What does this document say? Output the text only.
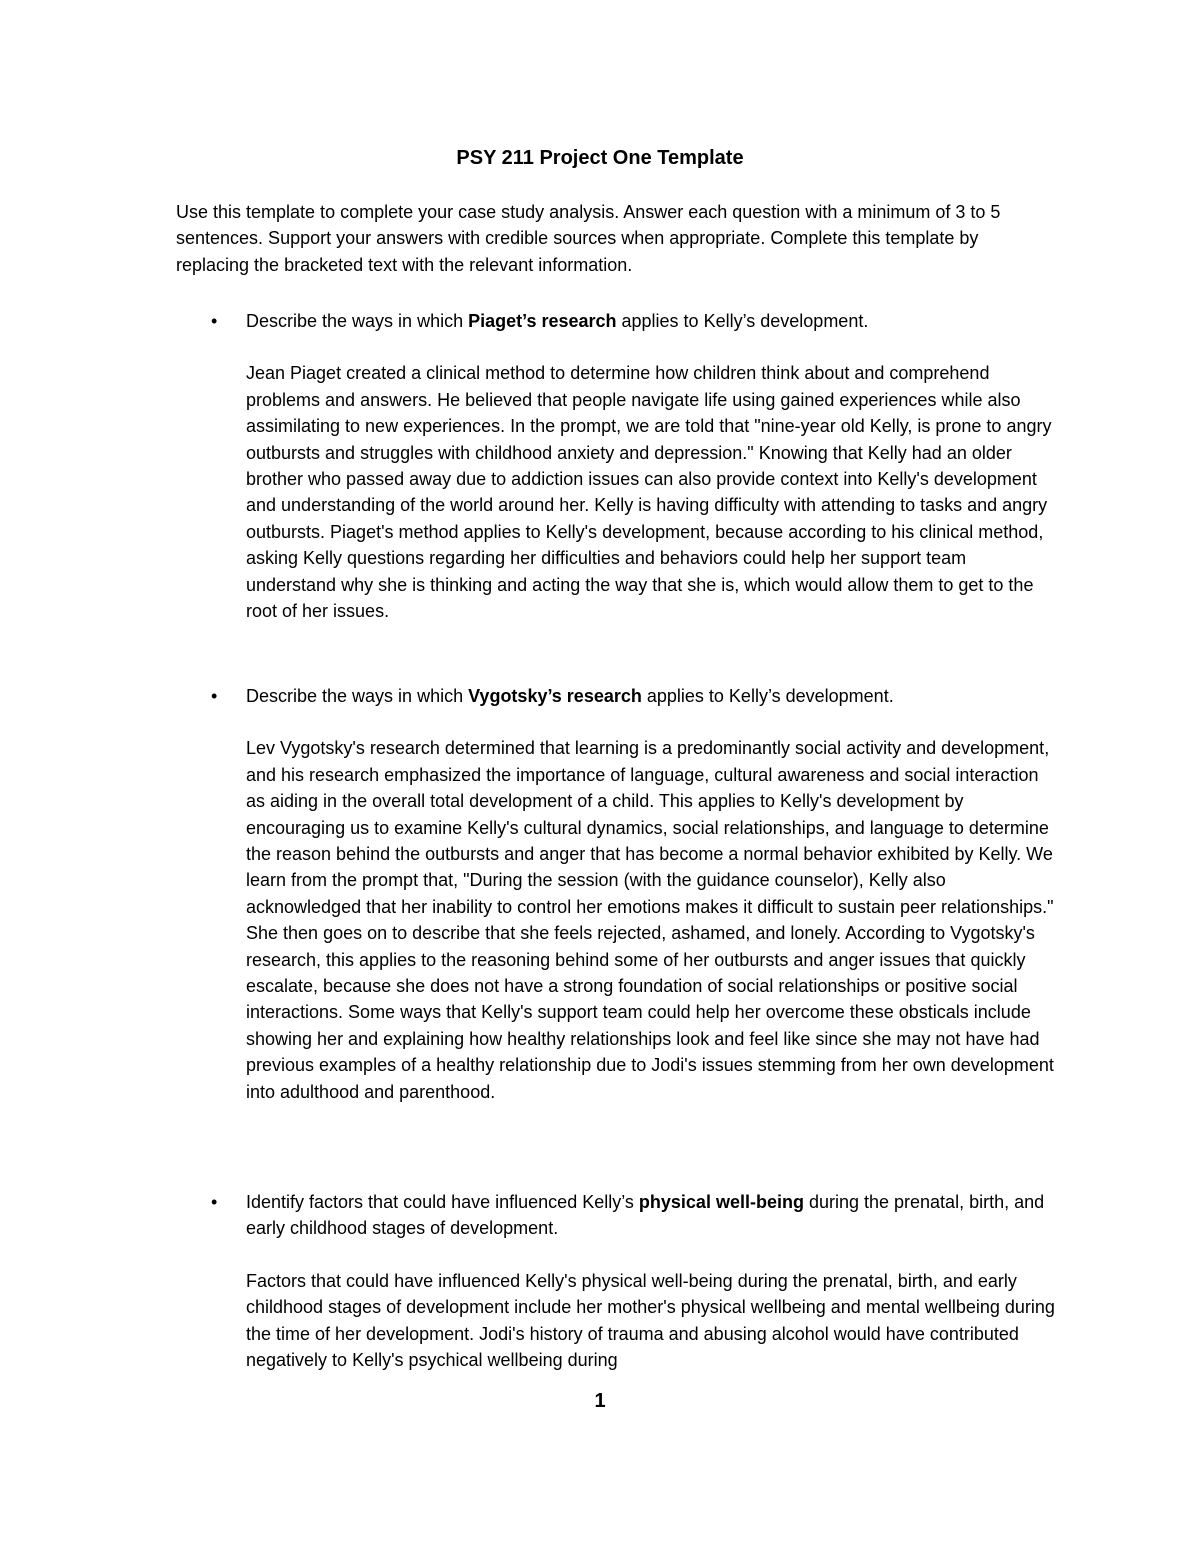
PSY 211 Project One Template

Use this template to complete your case study analysis. Answer each question with a minimum of 3 to 5 sentences. Support your answers with credible sources when appropriate. Complete this template by replacing the bracketed text with the relevant information.

• Describe the ways in which Piaget’s research applies to Kelly’s development.
Jean Piaget created a clinical method to determine how children think about and comprehend problems and answers. He believed that people navigate life using gained experiences while also assimilating to new experiences. In the prompt, we are told that "nine-year old Kelly, is prone to angry outbursts and struggles with childhood anxiety and depression." Knowing that Kelly had an older brother who passed away due to addiction issues can also provide context into Kelly's development and understanding of the world around her. Kelly is having difficulty with attending to tasks and angry outbursts. Piaget's method applies to Kelly's development, because according to his clinical method, asking Kelly questions regarding her difficulties and behaviors could help her support team understand why she is thinking and acting the way that she is, which would allow them to get to the root of her issues.
• Describe the ways in which Vygotsky’s research applies to Kelly’s development.
Lev Vygotsky's research determined that learning is a predominantly social activity and development, and his research emphasized the importance of language, cultural awareness and social interaction as aiding in the overall total development of a child. This applies to Kelly's development by encouraging us to examine Kelly's cultural dynamics, social relationships, and language to determine the reason behind the outbursts and anger that has become a normal behavior exhibited by Kelly. We learn from the prompt that, "During the session (with the guidance counselor), Kelly also acknowledged that her inability to control her emotions makes it difficult to sustain peer relationships." She then goes on to describe that she feels rejected, ashamed, and lonely. According to Vygotsky's research, this applies to the reasoning behind some of her outbursts and anger issues that quickly escalate, because she does not have a strong foundation of social relationships or positive social interactions. Some ways that Kelly's support team could help her overcome these obsticals include showing her and explaining how healthy relationships look and feel like since she may not have had previous examples of a healthy relationship due to Jodi's issues stemming from her own development into adulthood and parenthood.
• Identify factors that could have influenced Kelly’s physical well-being during the prenatal, birth, and early childhood stages of development.
Factors that could have influenced Kelly's physical well-being during the prenatal, birth, and early childhood stages of development include her mother's physical wellbeing and mental wellbeing during the time of her development. Jodi's history of trauma and abusing alcohol would have contributed negatively to Kelly's psychical wellbeing during
1
